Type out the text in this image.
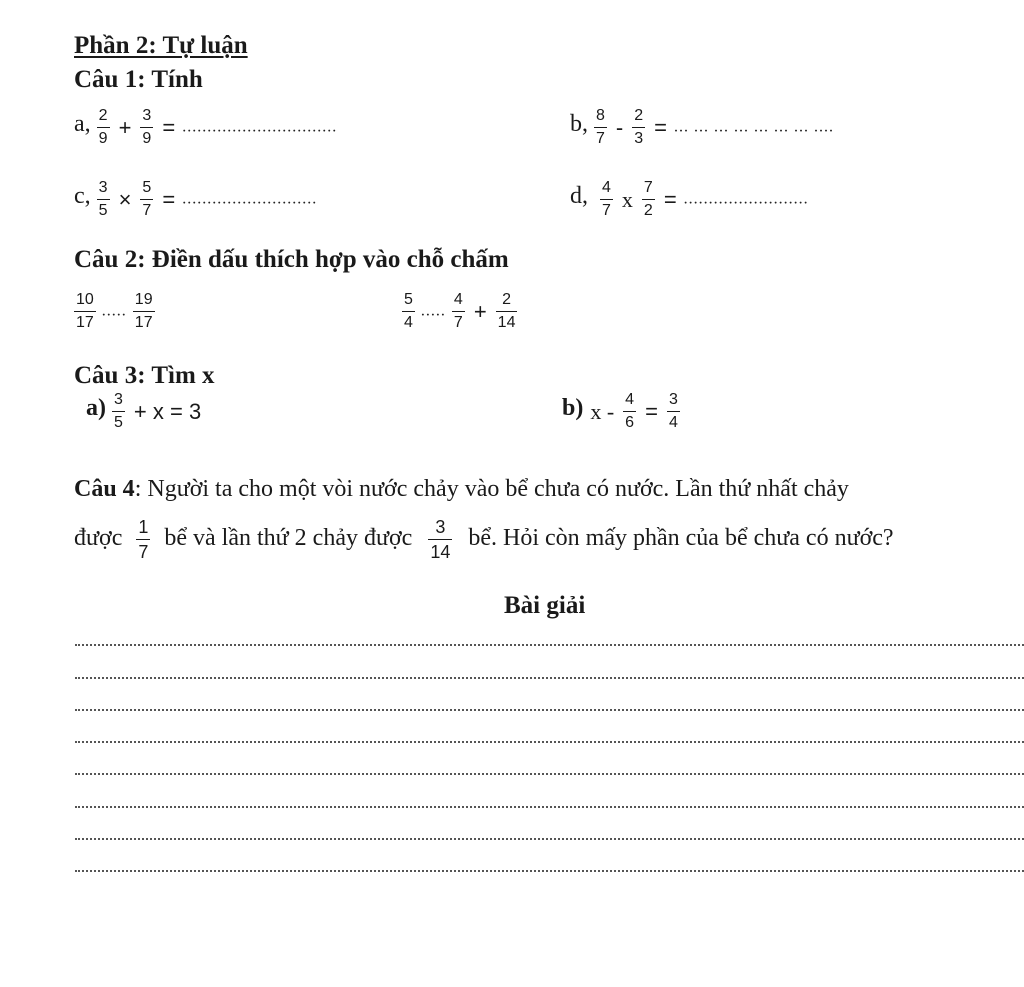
Phần 2: Tự luận
Câu 1: Tính
a, $\frac{2}{9} + \frac{3}{9}$ = ...............................	b, $\frac{8}{7} - \frac{2}{3}$ = ... ... ... ... ... ... ... ....
c, $\frac{3}{5} \times \frac{5}{7}$ = ...........................	d, $\frac{4}{7}$ x $\frac{7}{2}$ = .........................
Câu 2: Điền dấu thích hợp vào chỗ chấm
$\frac{10}{17}$ ..... $\frac{19}{17}$	$\frac{5}{4}$ ..... $\frac{4}{7} + \frac{2}{14}$
Câu 3: Tìm x
$a) \frac{3}{5} + x = 3$	b) $x - \frac{4}{6} = \frac{3}{4}$
Câu 4: Người ta cho một vòi nước chảy vào bể chưa có nước. Lần thứ nhất chảy
được $\frac{1}{7}$ bể và lần thứ 2 chảy được $\frac{3}{14}$ bể. Hỏi còn mấy phần của bể chưa có nước?
Bài giải
